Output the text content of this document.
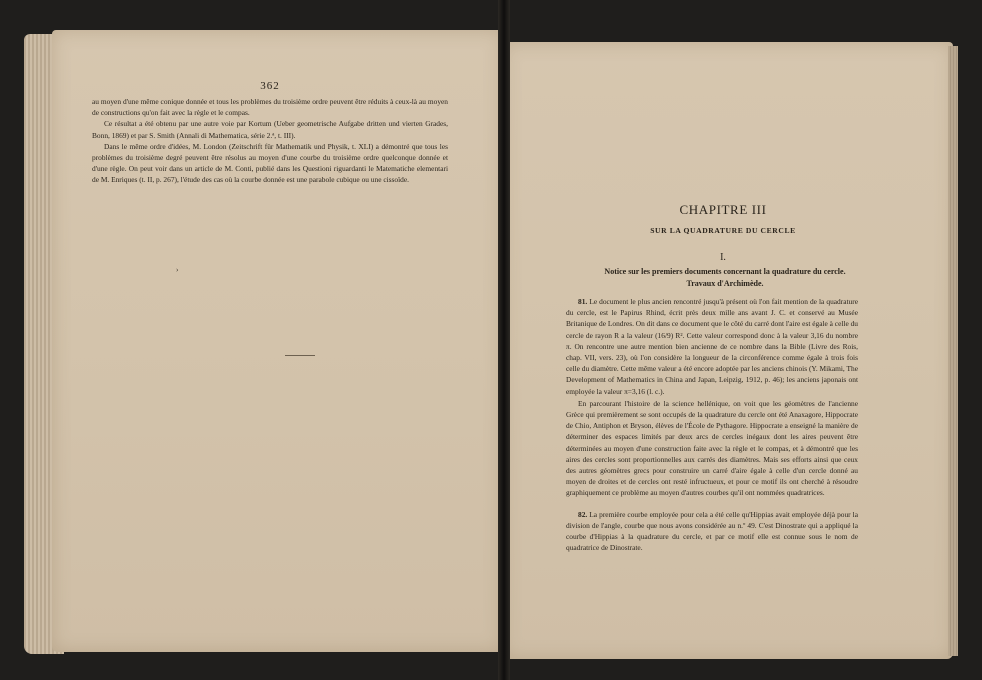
362

au moyen d'une même conique donnée et tous les problèmes du troisième ordre peuvent être réduits à ceux-là au moyen de constructions qu'on fait avec la règle et le compas.

Ce résultat a été obtenu par une autre voie par Kortum (Ueber geometrische Aufgabe dritten und vierten Grades, Bonn, 1869) et par S. Smith (Annali di Mathematica, série 2.ª, t. III).

Dans le même ordre d'idées, M. London (Zeitschrift für Mathematik und Physik, t. XLI) a démontré que tous les problèmes du troisième degré peuvent être résolus au moyen d'une courbe du troisième ordre quelconque donnée et d'une règle. On peut voir dans un article de M. Conti, publié dans les Questioni riguardanti le Matematiche elementari de M. Enriques (t. II, p. 267), l'étude des cas où la courbe donnée est une parabole cubique ou une cissoïde.

›
CHAPITRE III
SUR LA QUADRATURE DU CERCLE
I.
Notice sur les premiers documents concernant la quadrature du cercle.
Travaux d'Archimède.

81. Le document le plus ancien rencontré jusqu'à présent où l'on fait mention de la quadrature du cercle, est le Papirus Rhind, écrit près deux mille ans avant J. C. et conservé au Musée Britanique de Londres. On dit dans ce document que le côté du carré dont l'aire est égale à celle du cercle de rayon R a la valeur (16/9) R². Cette valeur correspond donc à la valeur 3,16 du nombre π. On rencontre une autre mention bien ancienne de ce nombre dans la Bible (Livre des Rois, chap. VII, vers. 23), où l'on considère la longueur de la circonférence comme égale à trois fois celle du diamètre. Cette même valeur a été encore adoptée par les anciens chinois (Y. Mikami, The Development of Mathematics in China and Japan, Leipzig, 1912, p. 46); les anciens japonais ont employée la valeur π=3,16 (l. c.).

En parcourant l'histoire de la science hellénique, on voit que les géomètres de l'ancienne Grèce qui premièrement se sont occupés de la quadrature du cercle ont été Anaxagore, Hippocrate de Chio, Antiphon et Bryson, élèves de l'École de Pythagore. Hippocrate a enseigné la manière de déterminer des espaces limités par deux arcs de cercles inégaux dont les aires peuvent être déterminées au moyen d'une construction faite avec la règle et le compas, et à démontré que les aires des cercles sont proportionnelles aux carrés des diamètres. Mais ses efforts ainsi que ceux des autres géomètres grecs pour construire un carré d'aire égale à celle d'un cercle donné au moyen de droites et de cercles ont resté infructueux, et pour ce motif ils ont cherché à résoudre graphiquement ce problème au moyen d'autres courbes qu'il ont nommées quadratrices.

82. La première courbe employée pour cela a été celle qu'Hippias avait employée déjà pour la division de l'angle, courbe que nous avons considérée au n.º 49. C'est Dinostrate qui a appliqué la courbe d'Hippias à la quadrature du cercle, et par ce motif elle est connue sous le nom de quadratrice de Dinostrate.
